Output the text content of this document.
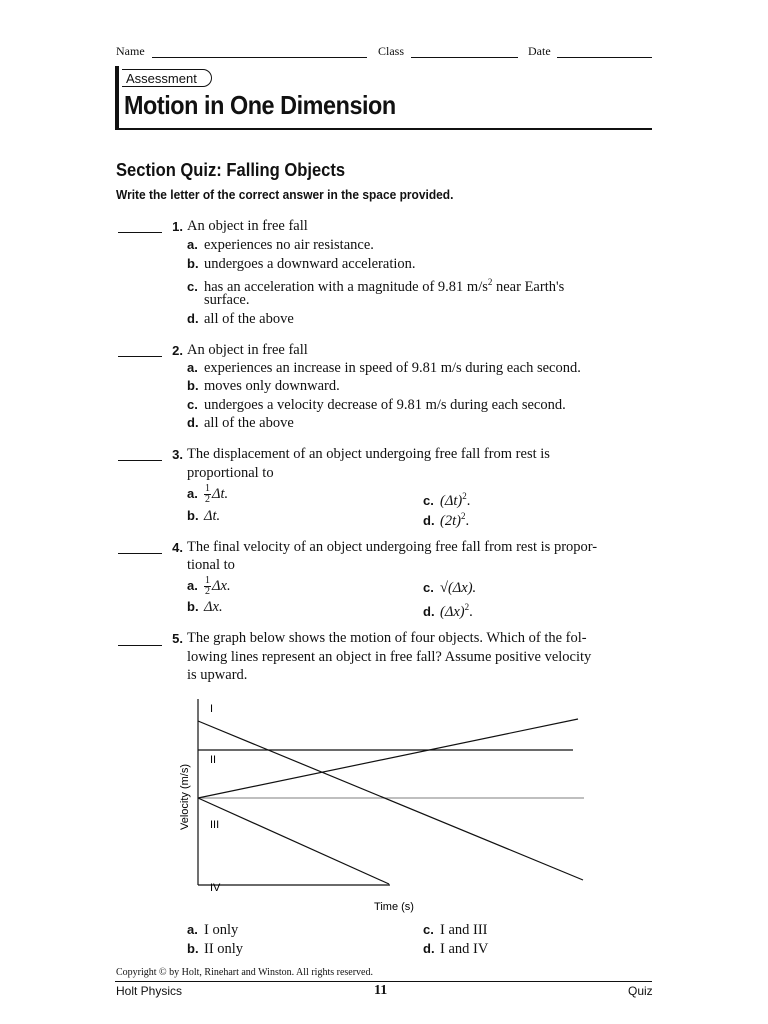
Name	Class	Date
Assessment
Motion in One Dimension
Section Quiz: Falling Objects
Write the letter of the correct answer in the space provided.
1. An object in free fall
a. experiences no air resistance.
b. undergoes a downward acceleration.
c. has an acceleration with a magnitude of 9.81 $m/s^2$ near Earth's
surface.
d. all of the above
2. An object in free fall
a. experiences an increase in speed of 9.81 m/s during each second.
b. moves only downward.
c. undergoes a velocity decrease of 9.81 m/s during each second.
d. all of the above
3. The displacement of an object undergoing free fall from rest is
proportional to
a. $\frac{1}{2} \Delta t$.
b. Δt.
c. $(\Delta t)^2$.
d. $(2t)^2$.
4. The final velocity of an object undergoing free fall from rest is propor-
tional to
a. $\frac{1}{2} \Delta x$.
b. Δx.
c. √(Δx).
d. $(\Delta x)^2$.
5. The graph below shows the motion of four objects. Which of the fol-
lowing lines represent an object in free fall? Assume positive velocity
is upward.
I
II
III
IV
Velocity (m/s)
Time (s)
a. I only
b. II only
c. I and III
d. I and IV
Copyright © by Holt, Rinehart and Winston. All rights reserved.
Holt Physics	11	Quiz
